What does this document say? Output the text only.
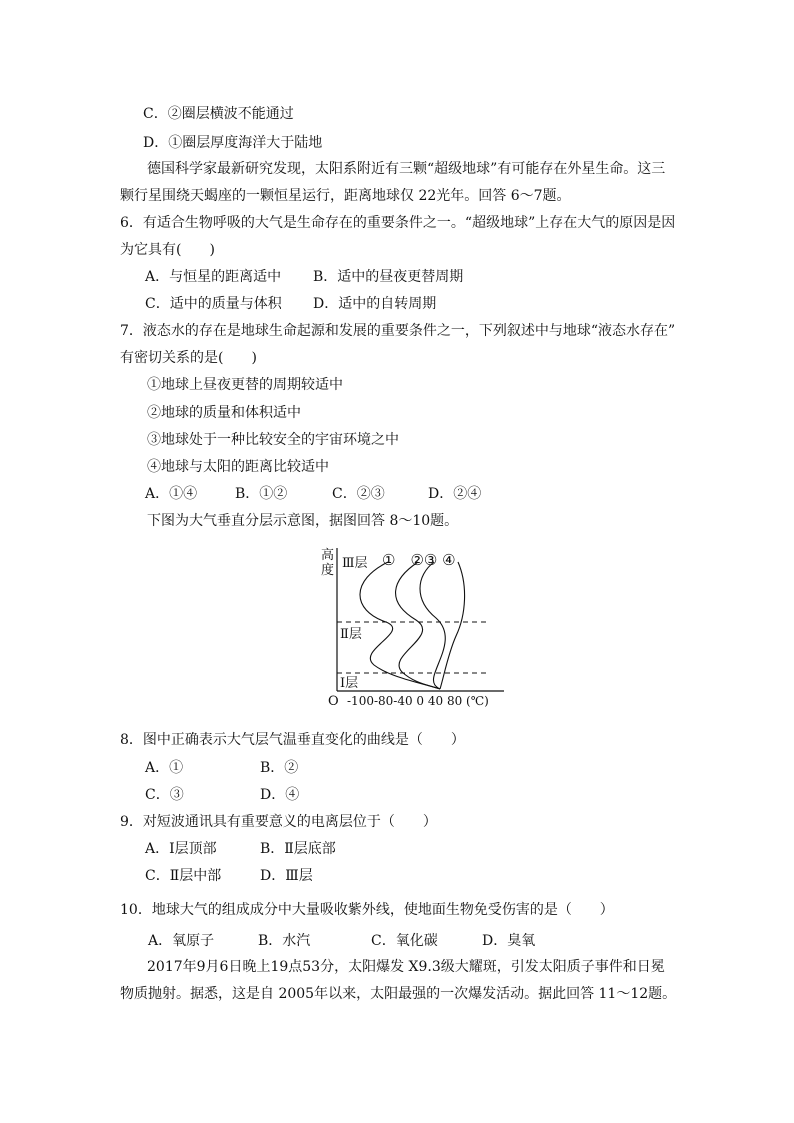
C．②圈层横波不能通过
D．①圈层厚度海洋大于陆地
德国科学家最新研究发现，太阳系附近有三颗“超级地球”有可能存在外星生命。这三
颗行星围绕天蝎座的一颗恒星运行，距离地球仅 22光年。回答 6～7题。
6．有适合生物呼吸的大气是生命存在的重要条件之一。“超级地球”上存在大气的原因是因
为它具有(　　)
A．与恒星的距离适中 B．适中的昼夜更替周期
C．适中的质量与体积 D．适中的自转周期
7．液态水的存在是地球生命起源和发展的重要条件之一，下列叙述中与地球“液态水存在”
有密切关系的是(　　)
①地球上昼夜更替的周期较适中
②地球的质量和体积适中
③地球处于一种比较安全的宇宙环境之中
④地球与太阳的距离比较适中
A．①④	B．①②	C．②③	D．②④
下图为大气垂直分层示意图，据图回答 8～10题。
高
度 Ⅲ层
Ⅱ层
Ⅰ层
①　②③ ④
O -100-80-40 0 40 80 (℃)
8．图中正确表示大气层气温垂直变化的曲线是（　　）
A．①	B．②
C．③	D．④
9．对短波通讯具有重要意义的电离层位于（　　）
A．Ⅰ层顶部	B．Ⅱ层底部
C．Ⅱ层中部	D．Ⅲ层
10．地球大气的组成成分中大量吸收紫外线，使地面生物免受伤害的是（　　）
A．氧原子	B．水汽	C．氧化碳	D．臭氧
2017年9月6日晚上19点53分，太阳爆发 X9.3级大耀斑，引发太阳质子事件和日冕
物质抛射。据悉，这是自 2005年以来，太阳最强的一次爆发活动。据此回答 11～12题。
